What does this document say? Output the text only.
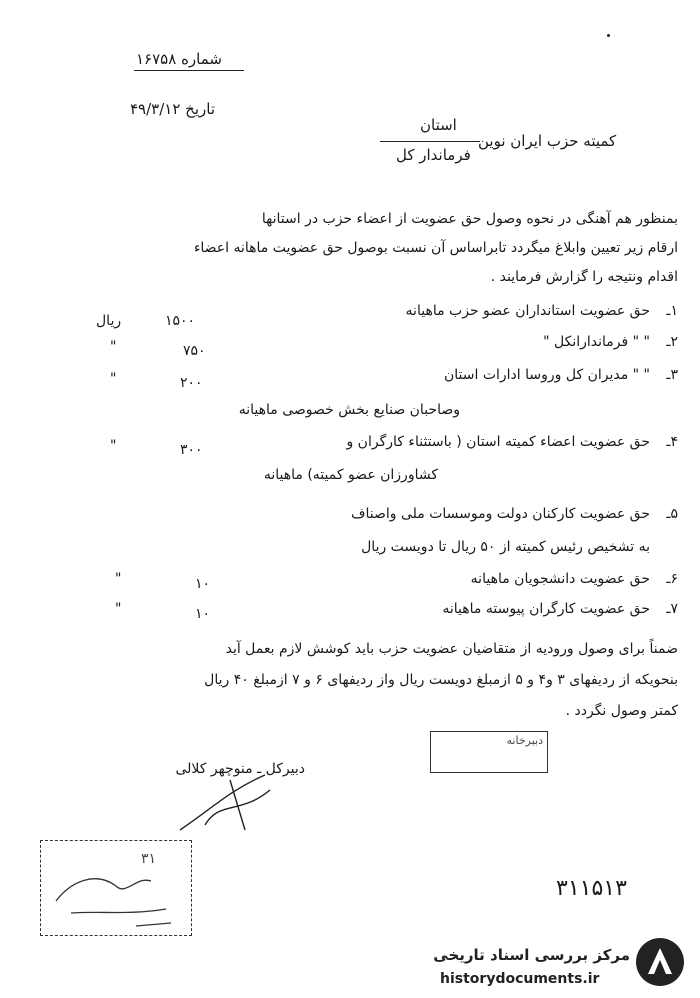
شماره ۱۶۷۵۸
تاریخ ۴۹/۳/۱۲
استان
کمیته حزب ایران نوین
فرماندار کل
بمنظور هم آهنگی در نحوه وصول حق عضویت از اعضاء حزب در استانها
ارقام زیر تعیین وابلاغ میگردد تابراساس آن نسبت بوصول حق عضویت ماهانه اعضاء
اقدام ونتیجه را گزارش فرمایند .
۱ـ
حق عضویت استانداران عضو حزب ماهیانه
۱۵۰۰
ریال
۲ـ
" " فرماندارانکل "
۷۵۰
"
۳ـ
" " مدیران کل وروسا ادارات استان
۲۰۰
"
وصاحبان صنایع بخش خصوصی ماهیانه
۴ـ
حق عضویت اعضاء کمیته استان ( باستثناء کارگران و
۳۰۰
"
کشاورزان عضو کمیته) ماهیانه
۵ـ
حق عضویت کارکنان دولت وموسسات ملی واصناف
به تشخیص رئیس کمیته از ۵۰ ریال تا دویست ریال
۶ـ
حق عضویت دانشجویان ماهیانه
۱۰
"
۷ـ
حق عضویت کارگران پیوسته ماهیانه
۱۰
"
ضمناً برای وصول ورودیه از متقاضیان عضویت حزب باید کوشش لازم بعمل آید
بنحویکه از ردیفهای ۳ و۴ و ۵ ازمبلغ دویست ریال واز ردیفهای ۶ و ۷ ازمبلغ ۴۰ ریال
کمتر وصول نگردد .
دبیرخانه
دبیرکل ـ منوچهر کلالی
۳۱
۳۱۱۵۱۳
مرکز بررسی اسناد تاریخی
historydocuments.ir
